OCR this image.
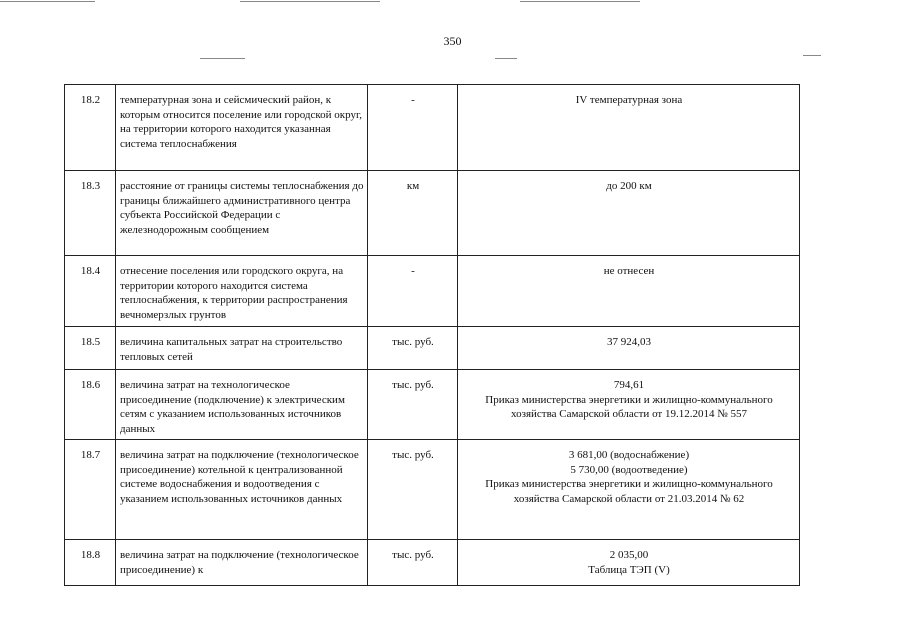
350
18.2	температурная зона и сейсмический район, к которым относится поселение или городской округ, на территории которого находится указанная система теплоснабжения	-	IV температурная зона

18.3	расстояние от границы системы теплоснабжения до границы ближайшего административного центра субъекта Российской Федерации с железнодорожным сообщением	км	до 200 км

18.4	отнесение поселения или городского округа, на территории которого находится система теплоснабжения, к территории распространения вечномерзлых грунтов	-	не отнесен

18.5	величина капитальных затрат на строительство тепловых сетей	тыс. руб.	37 924,03

18.6	величина затрат на технологическое присоединение (подключение) к электрическим сетям с указанием использованных источников данных	тыс. руб.	794,61
Приказ министерства энергетики и жилищно-коммунального хозяйства Самарской области от 19.12.2014 № 557

18.7	величина затрат на подключение (технологическое присоединение) котельной к централизованной системе водоснабжения и водоотведения с указанием использованных источников данных	тыс. руб.	3 681,00 (водоснабжение)
5 730,00 (водоотведение)
Приказ министерства энергетики и жилищно-коммунального хозяйства Самарской области от 21.03.2014 № 62

18.8	величина затрат на подключение (технологическое присоединение) к	тыс. руб.	2 035,00
Таблица ТЭП (V)
